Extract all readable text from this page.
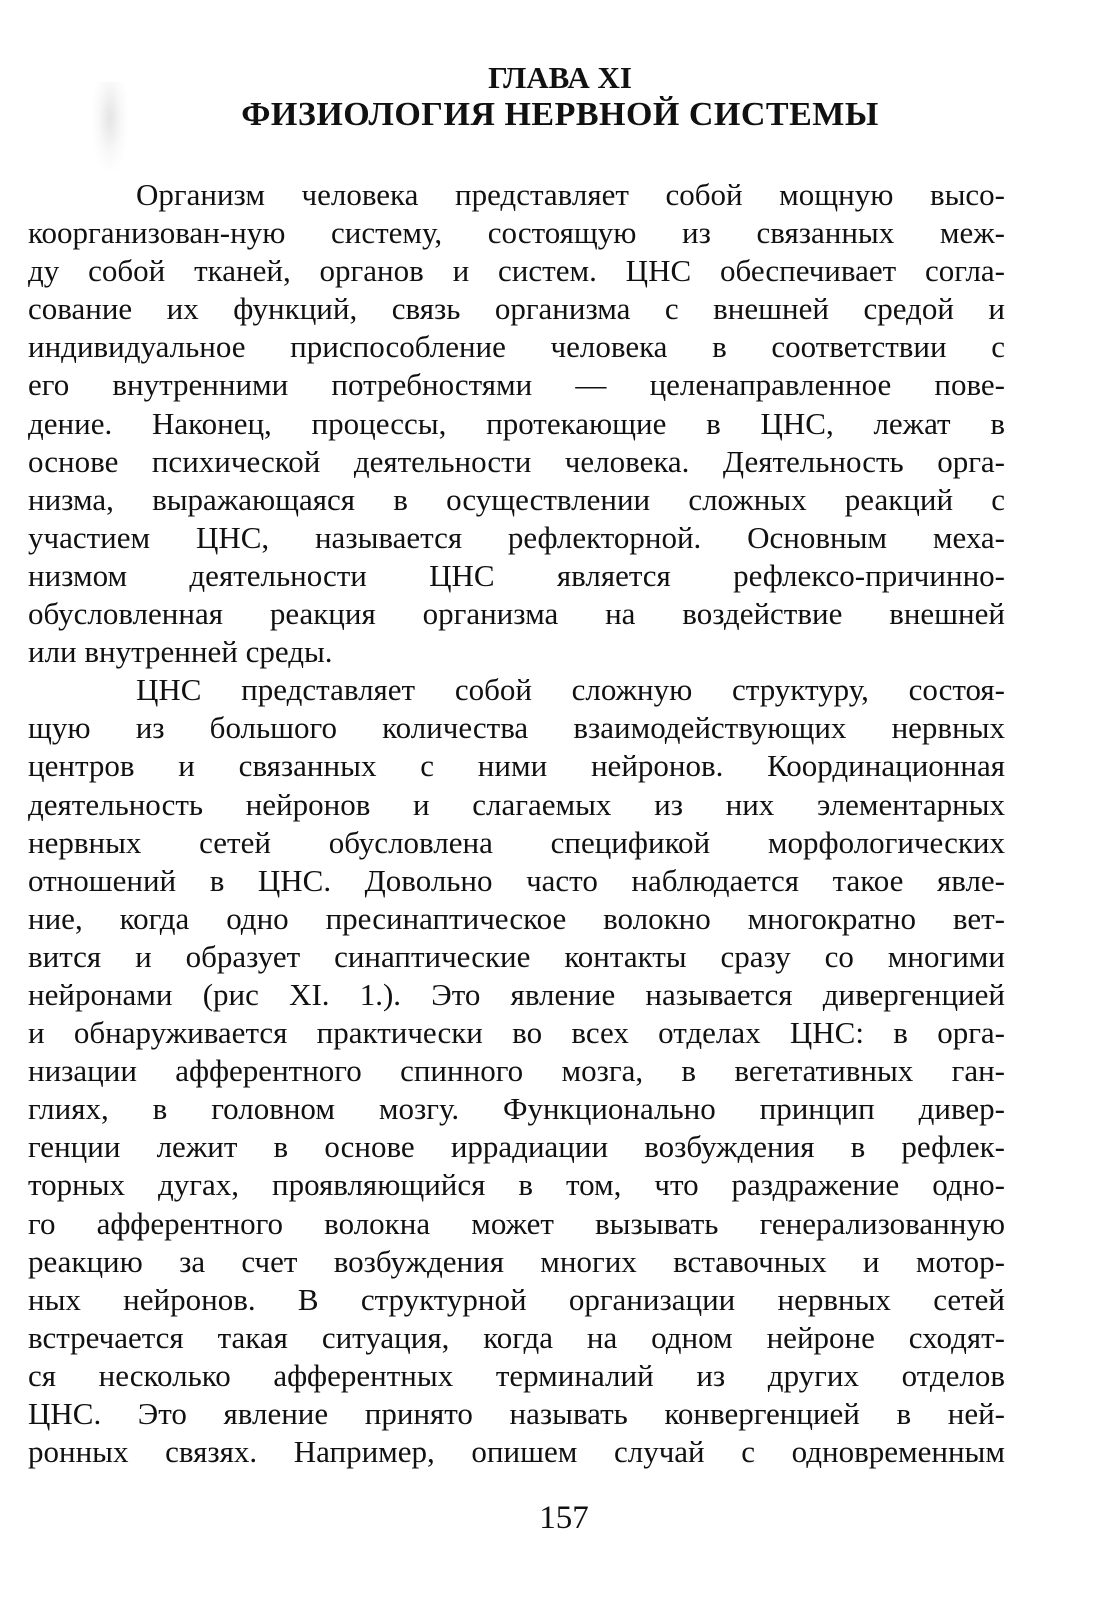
ГЛАВА XI
ФИЗИОЛОГИЯ НЕРВНОЙ СИСТЕМЫ
Организм человека представляет собой мощную высо-
коорганизован-ную систему, состоящую из связанных меж-
ду собой тканей, органов и систем. ЦНС обеспечивает согла-
сование их функций, связь организма с внешней средой и
индивидуальное приспособление человека в соответствии с
его внутренними потребностями — целенаправленное пове-
дение. Наконец, процессы, протекающие в ЦНС, лежат в
основе психической деятельности человека. Деятельность орга-
низма, выражающаяся в осуществлении сложных реакций с
участием ЦНС, называется рефлекторной. Основным меха-
низмом деятельности ЦНС является рефлексо-причинно-
обусловленная реакция организма на воздействие внешней
или внутренней среды.
ЦНС представляет собой сложную структуру, состоя-
щую из большого количества взаимодействующих нервных
центров и связанных с ними нейронов. Координационная
деятельность нейронов и слагаемых из них элементарных
нервных сетей обусловлена спецификой морфологических
отношений в ЦНС. Довольно часто наблюдается такое явле-
ние, когда одно пресинаптическое волокно многократно вет-
вится и образует синаптические контакты сразу со многими
нейронами (рис XI. 1.). Это явление называется дивергенцией
и обнаруживается практически во всех отделах ЦНС: в орга-
низации афферентного спинного мозга, в вегетативных ган-
глиях, в головном мозгу. Функционально принцип дивер-
генции лежит в основе иррадиации возбуждения в рефлек-
торных дугах, проявляющийся в том, что раздражение одно-
го афферентного волокна может вызывать генерализованную
реакцию за счет возбуждения многих вставочных и мотор-
ных нейронов. В структурной организации нервных сетей
встречается такая ситуация, когда на одном нейроне сходят-
ся несколько афферентных терминалий из других отделов
ЦНС. Это явление принято называть конвергенцией в ней-
ронных связях. Например, опишем случай с одновременным

157
